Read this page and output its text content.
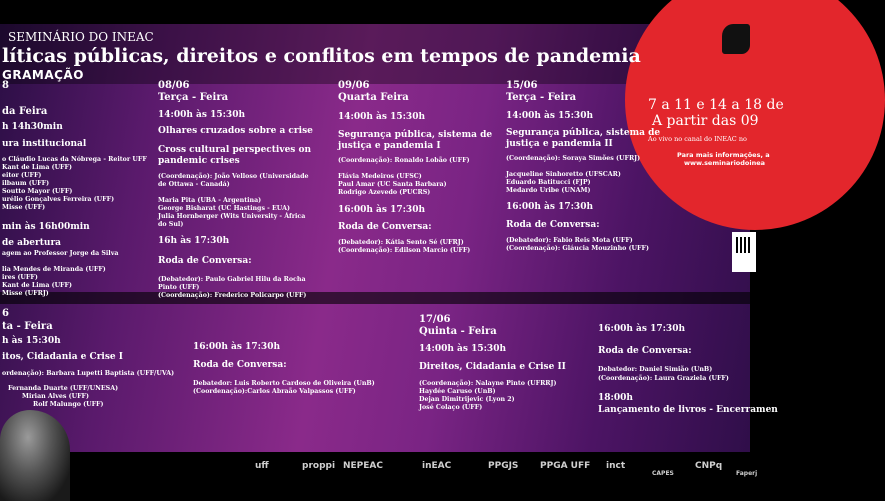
SEMINÁRIO DO INEAC
líticas públicas, direitos e conflitos em tempos de pandemia
GRAMAÇÃO
7 a 11 e 14 a 18 de
A partir das 09
Ao vivo no canal do INEAC no
Para mais informações, a
www.seminariodoinea
8
da Feira
h 14h30min
ura institucional
o Cláudio Lucas da Nóbrega - Reitor UFF
Kant de Lima (UFF)
eitor (UFF)
ilbaum (UFF)
Soutto Mayor (UFF)
urélio Gonçalves Ferreira (UFF)
Misse (UFF)
min às 16h00min
de abertura
agem ao Professor Jorge da Silva
lia Mendes de Miranda (UFF)
ires (UFF)
Kant de Lima (UFF)
Misse (UFRJ)
08/06
Terça - Feira
14:00h às 15:30h
Olhares cruzados sobre a crise
Cross cultural perspectives on
pandemic crises
(Coordenação): João Velloso (Universidade
de Ottawa - Canadá)
Maria Pita (UBA - Argentina)
George Bisharat (UC Hastings - EUA)
Julia Hornberger (Wits University - África
do Sul)
16h às 17:30h
Roda de Conversa:
(Debatedor): Paulo Gabriel Hilu da Rocha
Pinto (UFF)
(Coordenação): Frederico Policarpo (UFF)
09/06
Quarta Feira
14:00h às 15:30h
Segurança pública, sistema de
justiça e pandemia I
(Coordenação): Ronaldo Lobão (UFF)
Flávia Medeiros (UFSC)
Paul Amar (UC Santa Barbara)
Rodrigo Azevedo (PUCRS)
16:00h às 17:30h
Roda de Conversa:
(Debatedor): Kátia Sento Sé (UFRJ)
(Coordenação): Edilson Marcio (UFF)
15/06
Terça - Feira
14:00h às 15:30h
Segurança pública, sistema de
justiça e pandemia II
(Coordenação): Soraya Simões (UFRJ)
Jacqueline Sinhoretto (UFSCAR)
Eduardo Batitucci (FJP)
Medardo Uribe (UNAM)
16:00h às 17:30h
Roda de Conversa:
(Debatedor): Fabio Reis Mota (UFF)
(Coordenação): Gláucia Mouzinho (UFF)
6
ta - Feira
h às 15:30h
itos, Cidadania e Crise I
ordenação): Barbara Lupetti Baptista (UFF/UVA)
Fernanda Duarte (UFF/UNESA)
Mirian Alves (UFF)
Rolf Malungo (UFF)
16:00h às 17:30h
Roda de Conversa:
Debatedor: Luis Roberto Cardoso de Oliveira (UnB)
(Coordenação):Carlos Abraão Valpassos (UFF)
17/06
Quinta - Feira
14:00h às 15:30h
Direitos, Cidadania e Crise II
(Coordenação): Nalayne Pinto (UFRRJ)
Haydée Caruso (UnB)
Dejan Dimitrijevic (Lyon 2)
José Colaço (UFF)
16:00h às 17:30h
Roda de Conversa:
Debatedor: Daniel Simião (UnB)
(Coordenação): Laura Graziela (UFF)
18:00h
Lançamento de livros - Encerramen
uff	proppi NEPEAC	inEAC	PPGJS PPGA UFF inct
CAPES
CNPq
Faperj
